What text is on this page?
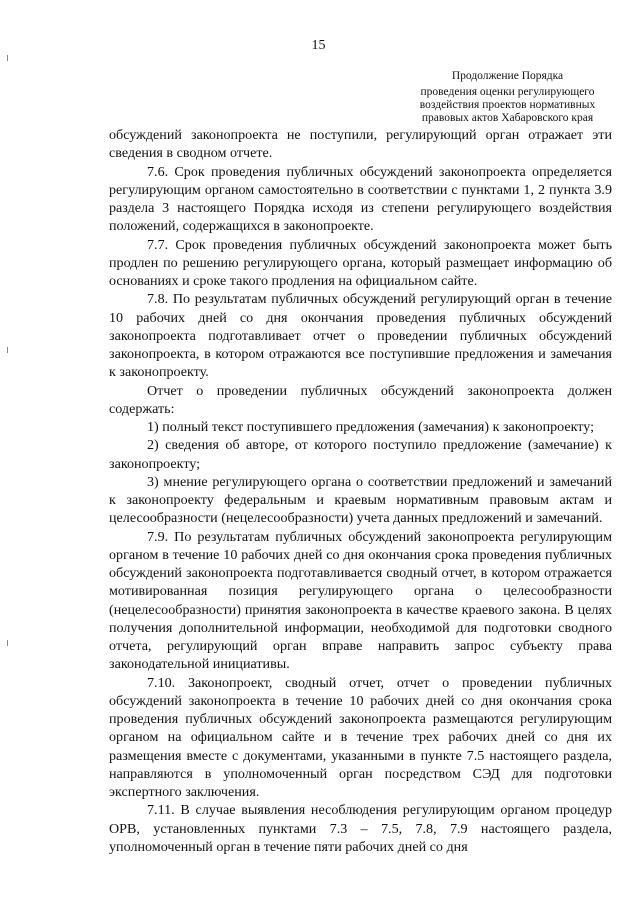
15
Продолжение Порядка
проведения оценки регулирующего воздействия проектов нормативных правовых актов Хабаровского края

обсуждений законопроекта не поступили, регулирующий орган отражает эти сведения в сводном отчете.

7.6. Срок проведения публичных обсуждений законопроекта определяется регулирующим органом самостоятельно в соответствии с пунктами 1, 2 пункта 3.9 раздела 3 настоящего Порядка исходя из степени регулирующего воздействия положений, содержащихся в законопроекте.

7.7. Срок проведения публичных обсуждений законопроекта может быть продлен по решению регулирующего органа, который размещает информацию об основаниях и сроке такого продления на официальном сайте.

7.8. По результатам публичных обсуждений регулирующий орган в течение 10 рабочих дней со дня окончания проведения публичных обсуждений законопроекта подготавливает отчет о проведении публичных обсуждений законопроекта, в котором отражаются все поступившие предложения и замечания к законопроекту.

Отчет о проведении публичных обсуждений законопроекта должен содержать:

1) полный текст поступившего предложения (замечания) к законопроекту;

2) сведения об авторе, от которого поступило предложение (замечание) к законопроекту;

3) мнение регулирующего органа о соответствии предложений и замечаний к законопроекту федеральным и краевым нормативным правовым актам и целесообразности (нецелесообразности) учета данных предложений и замечаний.

7.9. По результатам публичных обсуждений законопроекта регулирующим органом в течение 10 рабочих дней со дня окончания срока проведения публичных обсуждений законопроекта подготавливается сводный отчет, в котором отражается мотивированная позиция регулирующего органа о целесообразности (нецелесообразности) принятия законопроекта в качестве краевого закона. В целях получения дополнительной информации, необходимой для подготовки сводного отчета, регулирующий орган вправе направить запрос субъекту права законодательной инициативы.

7.10. Законопроект, сводный отчет, отчет о проведении публичных обсуждений законопроекта в течение 10 рабочих дней со дня окончания срока проведения публичных обсуждений законопроекта размещаются регулирующим органом на официальном сайте и в течение трех рабочих дней со дня их размещения вместе с документами, указанными в пункте 7.5 настоящего раздела, направляются в уполномоченный орган посредством СЭД для подготовки экспертного заключения.

7.11. В случае выявления несоблюдения регулирующим органом процедур ОРВ, установленных пунктами 7.3 – 7.5, 7.8, 7.9 настоящего раздела, уполномоченный орган в течение пяти рабочих дней со дня
